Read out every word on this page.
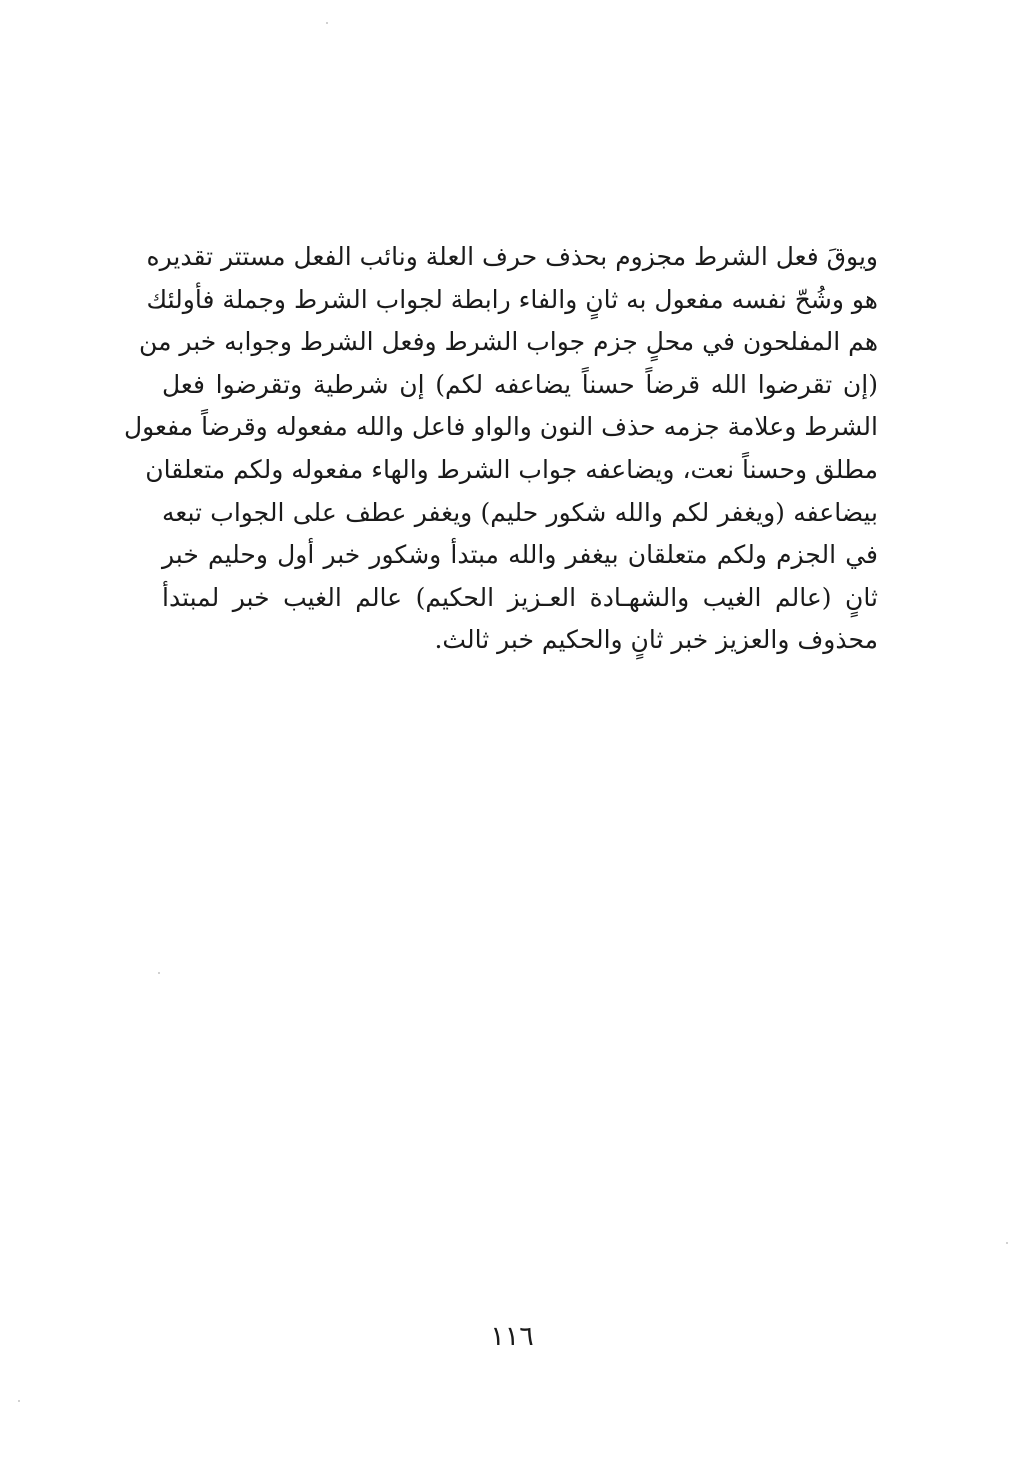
ويوقَ فعل الشرط مجزوم بحذف حرف العلة ونائب الفعل مستتر تقديره
هو وشُحّ نفسه مفعول به ثانٍ والفاء رابطة لجواب الشرط وجملة فأولئك
هم المفلحون في محلٍ جزم جواب الشرط وفعل الشرط وجوابه خبر من
(إن تقرضوا الله قرضاً حسناً يضاعفه لكم) إن شرطية وتقرضوا فعل
الشرط وعلامة جزمه حذف النون والواو فاعل والله مفعوله وقرضاً مفعول
مطلق وحسناً نعت، ويضاعفه جواب الشرط والهاء مفعوله ولكم متعلقان
بيضاعفه (ويغفر لكم والله شكور حليم) ويغفر عطف على الجواب تبعه
في الجزم ولكم متعلقان بيغفر والله مبتدأ وشكور خبر أول وحليم خبر
ثانٍ (عالم الغيب والشهـادة العـزيز الحكيم) عالم الغيب خبر لمبتدأ
محذوف والعزيز خبر ثانٍ والحكيم خبر ثالث.
١١٦
